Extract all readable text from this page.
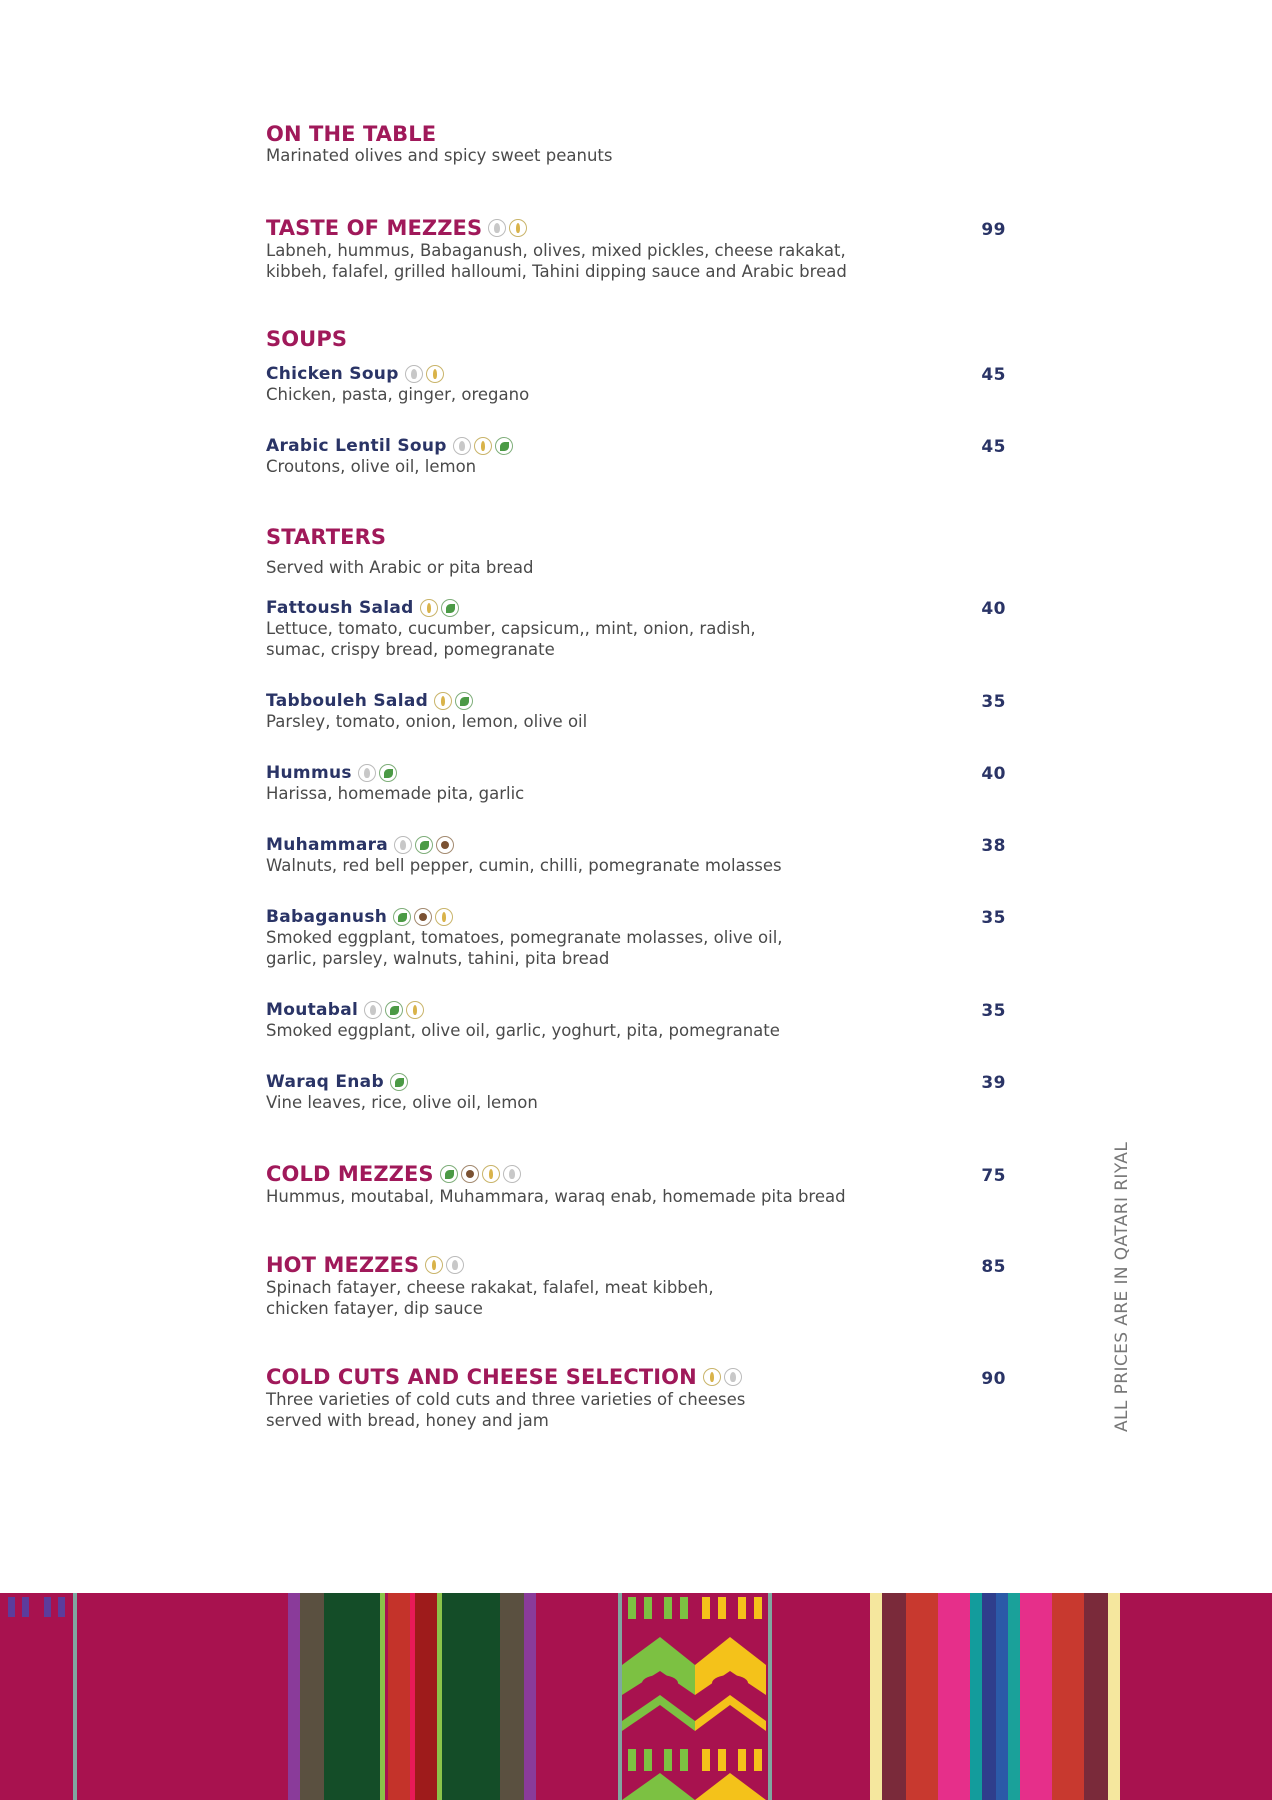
ON THE TABLE
Marinated olives and spicy sweet peanuts
TASTE OF MEZZES	99
Labneh, hummus, Babaganush, olives, mixed pickles, cheese rakakat,
kibbeh, falafel, grilled halloumi, Tahini dipping sauce and Arabic bread
SOUPS
Chicken Soup	45
Chicken, pasta, ginger, oregano
Arabic Lentil Soup	45
Croutons, olive oil, lemon
STARTERS
Served with Arabic or pita bread
Fattoush Salad	40
Lettuce, tomato, cucumber, capsicum,, mint, onion, radish,
sumac, crispy bread, pomegranate
Tabbouleh Salad	35
Parsley, tomato, onion, lemon, olive oil
Hummus	40
Harissa, homemade pita, garlic
Muhammara	38
Walnuts, red bell pepper, cumin, chilli, pomegranate molasses
Babaganush	35
Smoked eggplant, tomatoes, pomegranate molasses, olive oil,
garlic, parsley, walnuts, tahini, pita bread
Moutabal	35
Smoked eggplant, olive oil, garlic, yoghurt, pita, pomegranate
Waraq Enab	39
Vine leaves, rice, olive oil, lemon
COLD MEZZES	75
Hummus, moutabal, Muhammara, waraq enab, homemade pita bread
HOT MEZZES	85
Spinach fatayer, cheese rakakat, falafel, meat kibbeh,
chicken fatayer, dip sauce
COLD CUTS AND CHEESE SELECTION	90
Three varieties of cold cuts and three varieties of cheeses
served with bread, honey and jam	ALL PRICES ARE IN QATARI RIYAL
